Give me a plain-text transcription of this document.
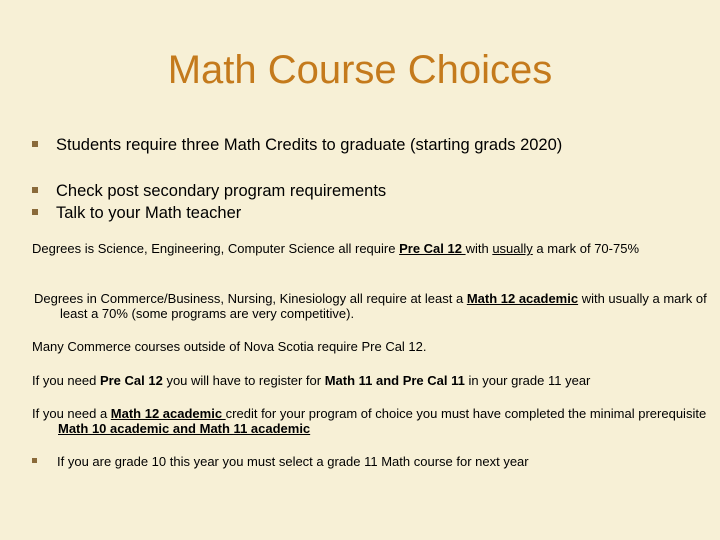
Math Course Choices
Students require three Math Credits to graduate (starting grads 2020)
Check post secondary program requirements
Talk to your Math teacher
Degrees is Science, Engineering, Computer Science all require Pre Cal 12 with usually a mark of 70-75%
Degrees in Commerce/Business, Nursing, Kinesiology all require at least a Math 12 academic with usually a mark of least a 70% (some programs are very competitive).
Many Commerce courses outside of Nova Scotia require Pre Cal 12.
If you need Pre Cal 12 you will have to register for Math 11 and Pre Cal 11 in your grade 11 year
If you need a Math 12 academic credit for your program of choice you must have completed the minimal prerequisite Math 10 academic and Math 11 academic
If you are grade 10 this year you must select a grade 11 Math course for next year
